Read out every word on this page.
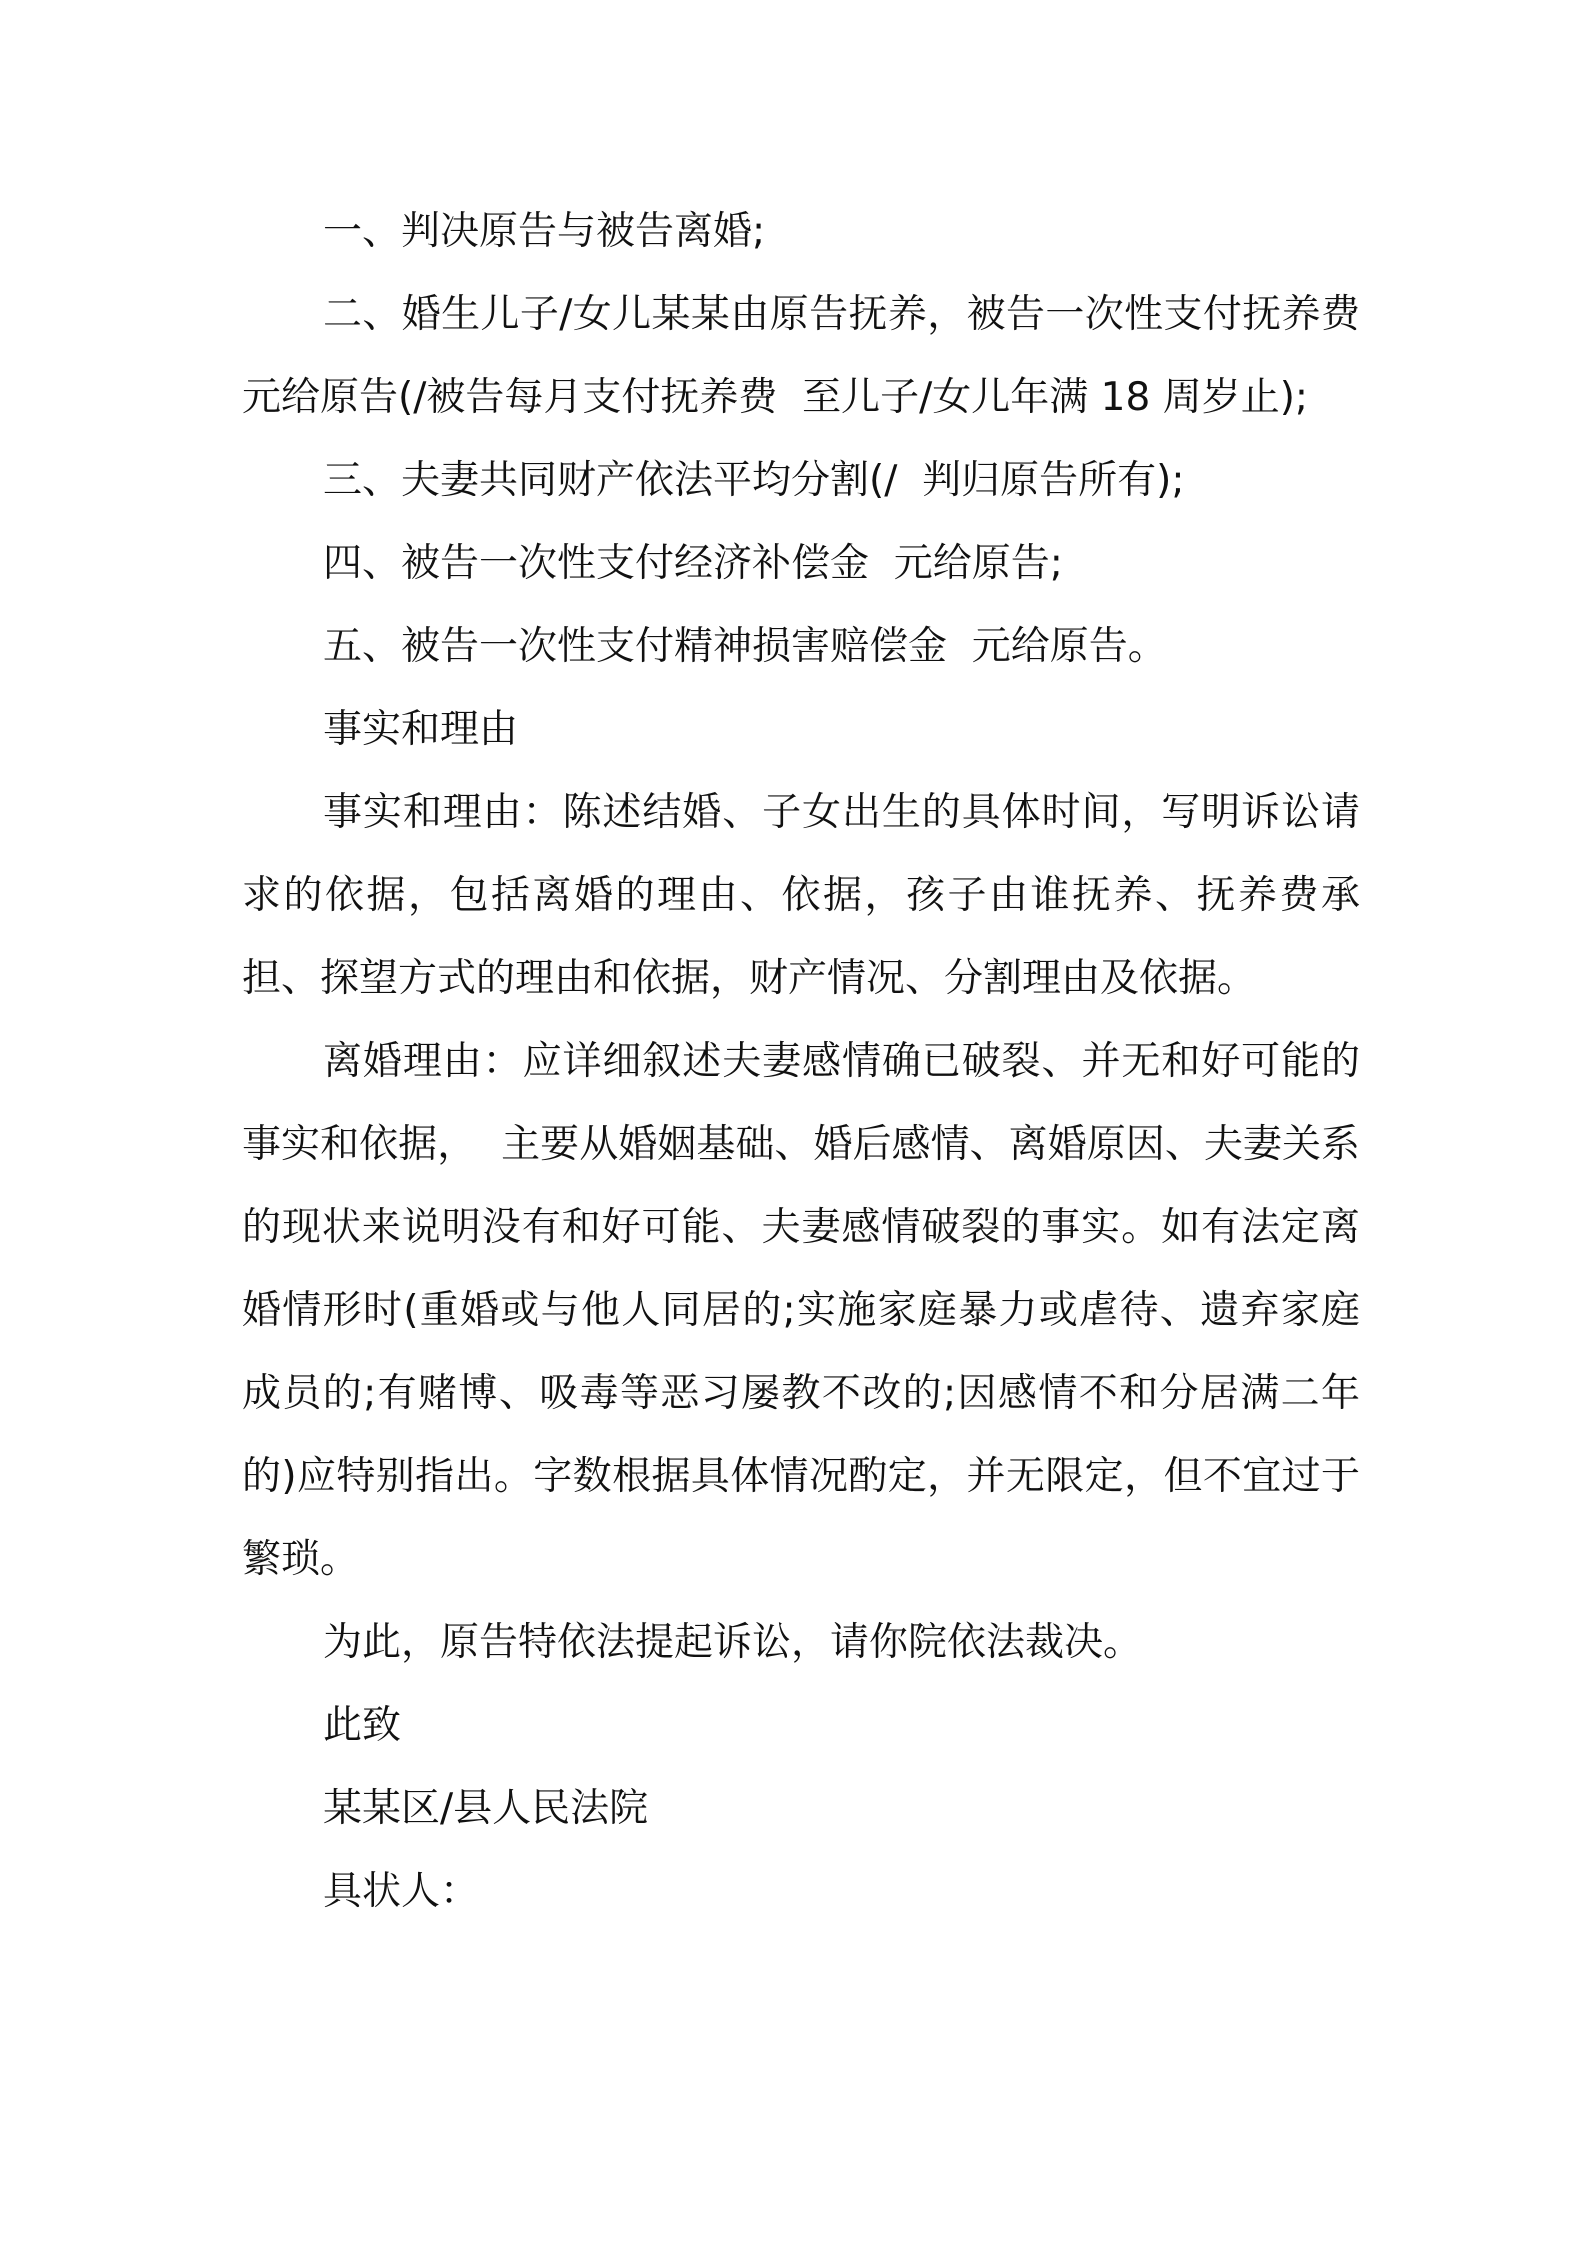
一、判决原告与被告离婚;

二、婚生儿子/女儿某某由原告抚养，被告一次性支付抚养费  元给原告(/被告每月支付抚养费  至儿子/女儿年满 18 周岁止);

三、夫妻共同财产依法平均分割(/  判归原告所有);

四、被告一次性支付经济补偿金  元给原告;

五、被告一次性支付精神损害赔偿金  元给原告。

事实和理由

事实和理由：陈述结婚、子女出生的具体时间，写明诉讼请求的依据，包括离婚的理由、依据，孩子由谁抚养、抚养费承担、探望方式的理由和依据，财产情况、分割理由及依据。

离婚理由：应详细叙述夫妻感情确已破裂、并无和好可能的事实和依据，  主要从婚姻基础、婚后感情、离婚原因、夫妻关系的现状来说明没有和好可能、夫妻感情破裂的事实。如有法定离婚情形时(重婚或与他人同居的;实施家庭暴力或虐待、遗弃家庭成员的;有赌博、吸毒等恶习屡教不改的;因感情不和分居满二年的)应特别指出。字数根据具体情况酌定，并无限定，但不宜过于繁琐。

为此，原告特依法提起诉讼，请你院依法裁决。

此致

某某区/县人民法院

具状人：
